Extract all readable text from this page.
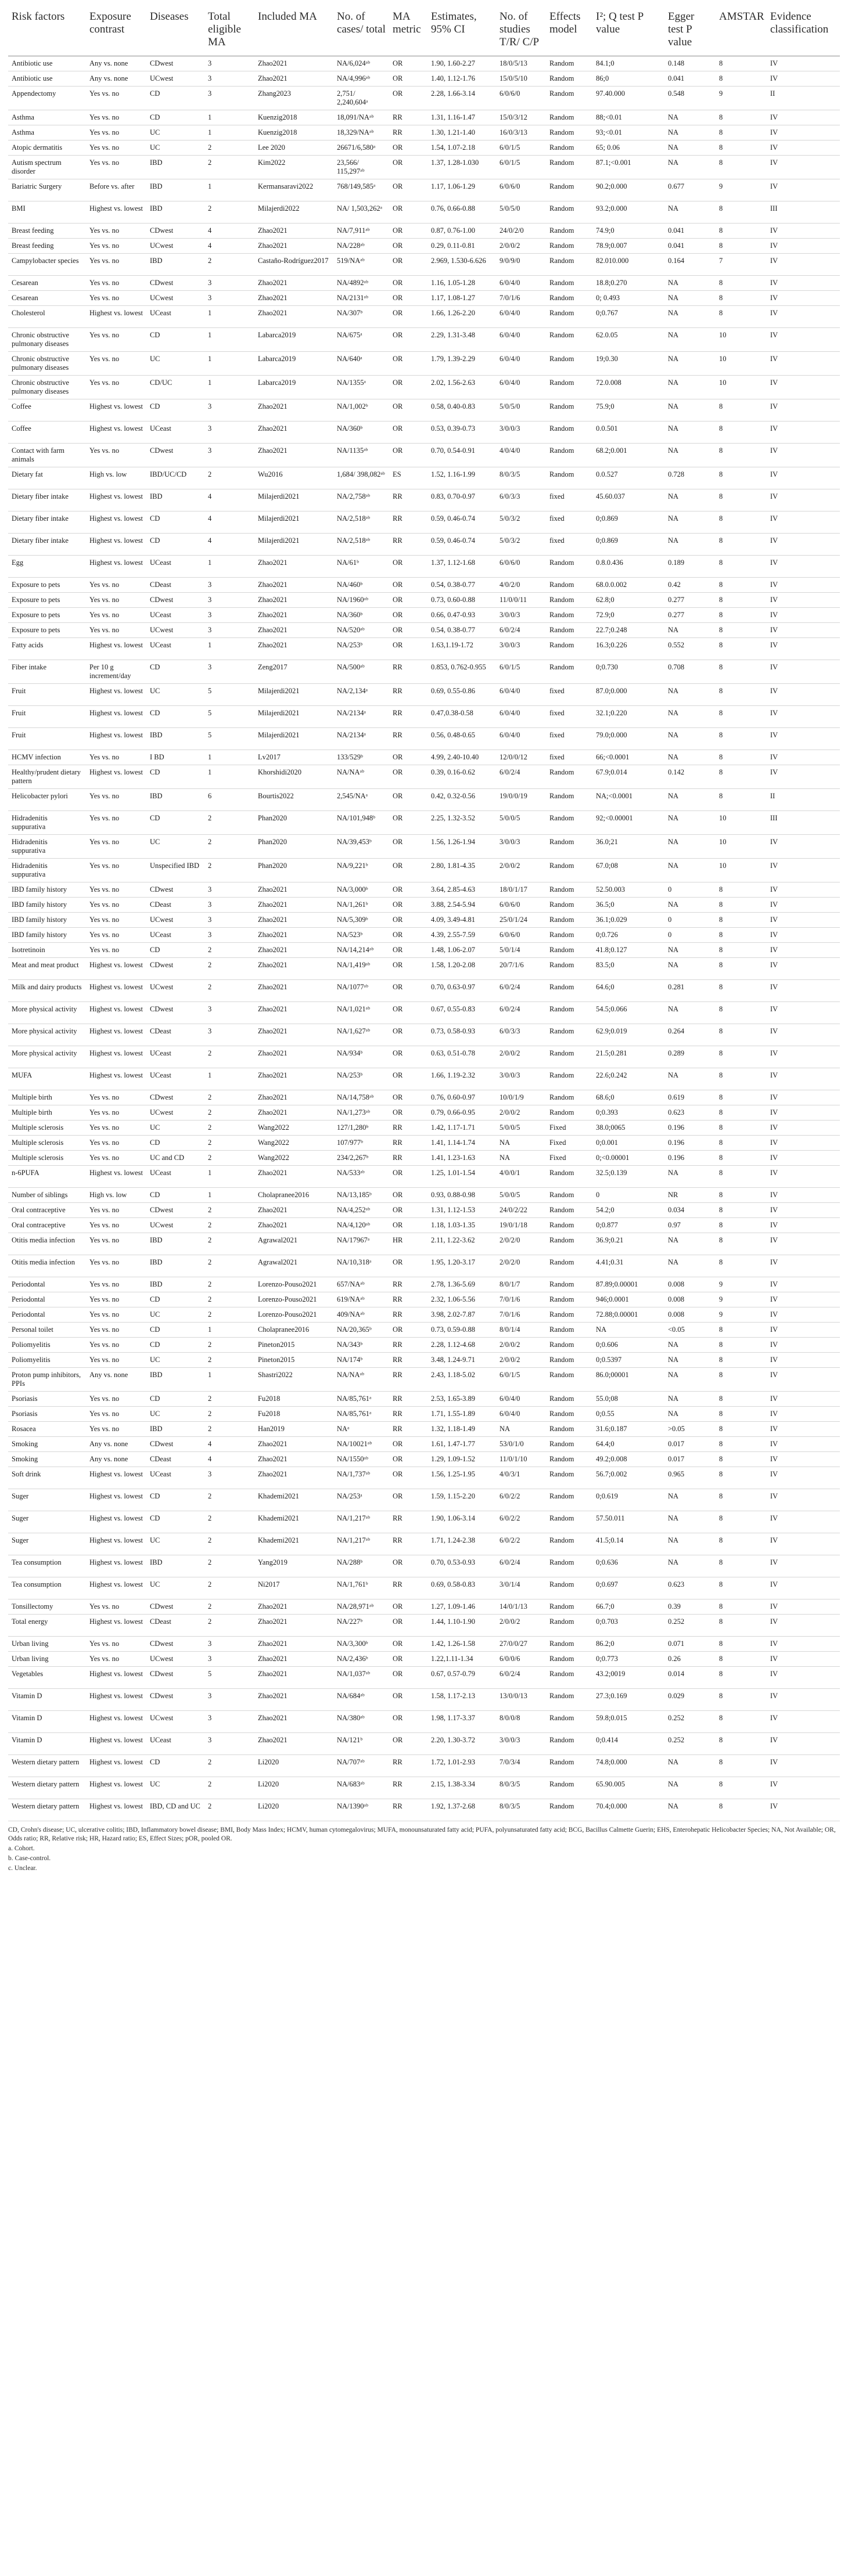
Risk factors	Exposure contrast	Diseases	Total eligible MA	Included MA	No. of cases/ total	MA metric	Estimates, 95% CI	No. of studies T/R/ C/P	Effects model	I²; Q test P value	Egger test P value	AMSTAR	Evidence classification
Antibiotic use	Any vs. none	CDwest	3	Zhao2021	NA/6,024ᵃᵇ	OR	1.90, 1.60-2.27	18/0/5/13	Random	84.1;0	0.148	8	IV
Antibiotic use	Any vs. none	UCwest	3	Zhao2021	NA/4,996ᵃᵇ	OR	1.40, 1.12-1.76	15/0/5/10	Random	86;0	0.041	8	IV
Appendectomy	Yes vs. no	CD	3	Zhang2023	2,751/ 2,240,604ᵃ	OR	2.28, 1.66-3.14	6/0/6/0	Random	97.40.000	0.548	9	II
Asthma	Yes vs. no	CD	1	Kuenzig2018	18,091/NAᵃᵇ	RR	1.31, 1.16-1.47	15/0/3/12	Random	88;<0.01	NA	8	IV
Asthma	Yes vs. no	UC	1	Kuenzig2018	18,329/NAᵃᵇ	RR	1.30, 1.21-1.40	16/0/3/13	Random	93;<0.01	NA	8	IV
Atopic dermatitis	Yes vs. no	UC	2	Lee 2020	26671/6,580ᵃ	OR	1.54, 1.07-2.18	6/0/1/5	Random	65; 0.06	NA	8	IV
Autism spectrum disorder	Yes vs. no	IBD	2	Kim2022	23,566/ 115,297ᵃᵇ	OR	1.37, 1.28-1.030	6/0/1/5	Random	87.1;<0.001	NA	8	IV
Bariatric Surgery	Before vs. after	IBD	1	Kermansaravi2022	768/149,585ᵃ	OR	1.17, 1.06-1.29	6/0/6/0	Random	90.2;0.000	0.677	9	IV
BMI	Highest vs. lowest	IBD	2	Milajerdi2022	NA/ 1,503,262ᵃ	OR	0.76, 0.66-0.88	5/0/5/0	Random	93.2;0.000	NA	8	III
Breast feeding	Yes vs. no	CDwest	4	Zhao2021	NA/7,911ᵃᵇ	OR	0.87, 0.76-1.00	24/0/2/0	Random	74.9;0	0.041	8	IV
Breast feeding	Yes vs. no	UCwest	4	Zhao2021	NA/228ᵃᵇ	OR	0.29, 0.11-0.81	2/0/0/2	Random	78.9;0.007	0.041	8	IV
Campylobacter species	Yes vs. no	IBD	2	Castaño-Rodríguez2017	519/NAᵃᵇ	OR	2.969, 1.530-6.626	9/0/9/0	Random	82.010.000	0.164	7	IV
Cesarean	Yes vs. no	CDwest	3	Zhao2021	NA/4892ᵃᵇ	OR	1.16, 1.05-1.28	6/0/4/0	Random	18.8;0.270	NA	8	IV
Cesarean	Yes vs. no	UCwest	3	Zhao2021	NA/2131ᵃᵇ	OR	1.17, 1.08-1.27	7/0/1/6	Random	0; 0.493	NA	8	IV
Cholesterol	Highest vs. lowest	UCeast	1	Zhao2021	NA/307ᵇ	OR	1.66, 1.26-2.20	6/0/4/0	Random	0;0.767	NA	8	IV
Chronic obstructive pulmonary diseases	Yes vs. no	CD	1	Labarca2019	NA/675ᵃ	OR	2.29, 1.31-3.48	6/0/4/0	Random	62.0.05	NA	10	IV
Chronic obstructive pulmonary diseases	Yes vs. no	UC	1	Labarca2019	NA/640ᵃ	OR	1.79, 1.39-2.29	6/0/4/0	Random	19;0.30	NA	10	IV
Chronic obstructive pulmonary diseases	Yes vs. no	CD/UC	1	Labarca2019	NA/1355ᵃ	OR	2.02, 1.56-2.63	6/0/4/0	Random	72.0.008	NA	10	IV
Coffee	Highest vs. lowest	CD	3	Zhao2021	NA/1,002ᵇ	OR	0.58, 0.40-0.83	5/0/5/0	Random	75.9;0	NA	8	IV
Coffee	Highest vs. lowest	UCeast	3	Zhao2021	NA/360ᵇ	OR	0.53, 0.39-0.73	3/0/0/3	Random	0.0.501	NA	8	IV
Contact with farm animals	Yes vs. no	CDwest	3	Zhao2021	NA/1135ᵃᵇ	OR	0.70, 0.54-0.91	4/0/4/0	Random	68.2;0.001	NA	8	IV
Dietary fat	High vs. low	IBD/UC/CD	2	Wu2016	1,684/ 398,082ᵃᵇ	ES	1.52, 1.16-1.99	8/0/3/5	Random	0.0.527	0.728	8	IV
Dietary fiber intake	Highest vs. lowest	IBD	4	Milajerdi2021	NA/2,758ᵃᵇ	RR	0.83, 0.70-0.97	6/0/3/3	fixed	45.60.037	NA	8	IV
Dietary fiber intake	Highest vs. lowest	CD	4	Milajerdi2021	NA/2,518ᵃᵇ	RR	0.59, 0.46-0.74	5/0/3/2	fixed	0;0.869	NA	8	IV
Dietary fiber intake	Highest vs. lowest	CD	4	Milajerdi2021	NA/2,518ᵃᵇ	RR	0.59, 0.46-0.74	5/0/3/2	fixed	0;0.869	NA	8	IV
Egg	Highest vs. lowest	UCeast	1	Zhao2021	NA/61ᵇ	OR	1.37, 1.12-1.68	6/0/6/0	Random	0.8.0.436	0.189	8	IV
Exposure to pets	Yes vs. no	CDeast	3	Zhao2021	NA/460ᵇ	OR	0.54, 0.38-0.77	4/0/2/0	Random	68.0.0.002	0.42	8	IV
Exposure to pets	Yes vs. no	CDwest	3	Zhao2021	NA/1960ᵃᵇ	OR	0.73, 0.60-0.88	11/0/0/11	Random	62.8;0	0.277	8	IV
Exposure to pets	Yes vs. no	UCeast	3	Zhao2021	NA/360ᵇ	OR	0.66, 0.47-0.93	3/0/0/3	Random	72.9;0	0.277	8	IV
Exposure to pets	Yes vs. no	UCwest	3	Zhao2021	NA/520ᵃᵇ	OR	0.54, 0.38-0.77	6/0/2/4	Random	22.7;0.248	NA	8	IV
Fatty acids	Highest vs. lowest	UCeast	1	Zhao2021	NA/253ᵇ	OR	1.63,1.19-1.72	3/0/0/3	Random	16.3;0.226	0.552	8	IV
Fiber intake	Per 10 g increment/day	CD	3	Zeng2017	NA/500ᵃᵇ	RR	0.853, 0.762-0.955	6/0/1/5	Random	0;0.730	0.708	8	IV
Fruit	Highest vs. lowest	UC	5	Milajerdi2021	NA/2,134ᵃ	RR	0.69, 0.55-0.86	6/0/4/0	fixed	87.0;0.000	NA	8	IV
Fruit	Highest vs. lowest	CD	5	Milajerdi2021	NA/2134ᵃ	RR	0.47,0.38-0.58	6/0/4/0	fixed	32.1;0.220	NA	8	IV
Fruit	Highest vs. lowest	IBD	5	Milajerdi2021	NA/2134ᵃ	RR	0.56, 0.48-0.65	6/0/4/0	fixed	79.0;0.000	NA	8	IV
HCMV infection	Yes vs. no	I BD	1	Lv2017	133/529ᵇ	OR	4.99, 2.40-10.40	12/0/0/12	fixed	66;<0.0001	NA	8	IV
Healthy/prudent dietary pattern	Highest vs. lowest	CD	1	Khorshidi2020	NA/NAᵃᵇ	OR	0.39, 0.16-0.62	6/0/2/4	Random	67.9;0.014	0.142	8	IV
Helicobacter pylori	Yes vs. no	IBD	6	Bourtis2022	2,545/NAᵃ	OR	0.42, 0.32-0.56	19/0/0/19	Random	NA;<0.0001	NA	8	II
Hidradenitis suppurativa	Yes vs. no	CD	2	Phan2020	NA/101,948ᵇ	OR	2.25, 1.32-3.52	5/0/0/5	Random	92;<0.00001	NA	10	III
Hidradenitis suppurativa	Yes vs. no	UC	2	Phan2020	NA/39,453ᵇ	OR	1.56, 1.26-1.94	3/0/0/3	Random	36.0;21	NA	10	IV
Hidradenitis suppurativa	Yes vs. no	Unspecified IBD	2	Phan2020	NA/9,221ᵇ	OR	2.80, 1.81-4.35	2/0/0/2	Random	67.0;08	NA	10	IV
IBD family history	Yes vs. no	CDwest	3	Zhao2021	NA/3,000ᵇ	OR	3.64, 2.85-4.63	18/0/1/17	Random	52.50.003	0	8	IV
IBD family history	Yes vs. no	CDeast	3	Zhao2021	NA/1,261ᵇ	OR	3.88, 2.54-5.94	6/0/6/0	Random	36.5;0	NA	8	IV
IBD family history	Yes vs. no	UCwest	3	Zhao2021	NA/5,309ᵇ	OR	4.09, 3.49-4.81	25/0/1/24	Random	36.1;0.029	0	8	IV
IBD family history	Yes vs. no	UCeast	3	Zhao2021	NA/523ᵇ	OR	4.39, 2.55-7.59	6/0/6/0	Random	0;0.726	0	8	IV
Isotretinoin	Yes vs. no	CD	2	Zhao2021	NA/14,214ᵃᵇ	OR	1.48, 1.06-2.07	5/0/1/4	Random	41.8;0.127	NA	8	IV
Meat and meat product	Highest vs. lowest	CDwest	2	Zhao2021	NA/1,419ᵃᵇ	OR	1.58, 1.20-2.08	20/7/1/6	Random	83.5;0	NA	8	IV
Milk and dairy products	Highest vs. lowest	UCwest	2	Zhao2021	NA/1077ᵃᵇ	OR	0.70, 0.63-0.97	6/0/2/4	Random	64.6;0	0.281	8	IV
More physical activity	Highest vs. lowest	CDwest	3	Zhao2021	NA/1,021ᵃᵇ	OR	0.67, 0.55-0.83	6/0/2/4	Random	54.5;0.066	NA	8	IV
More physical activity	Highest vs. lowest	CDeast	3	Zhao2021	NA/1,627ᵃᵇ	OR	0.73, 0.58-0.93	6/0/3/3	Random	62.9;0.019	0.264	8	IV
More physical activity	Highest vs. lowest	UCeast	2	Zhao2021	NA/934ᵇ	OR	0.63, 0.51-0.78	2/0/0/2	Random	21.5;0.281	0.289	8	IV
MUFA	Highest vs. lowest	UCeast	1	Zhao2021	NA/253ᵇ	OR	1.66, 1.19-2.32	3/0/0/3	Random	22.6;0.242	NA	8	IV
Multiple birth	Yes vs. no	CDwest	2	Zhao2021	NA/14,758ᵃᵇ	OR	0.76, 0.60-0.97	10/0/1/9	Random	68.6;0	0.619	8	IV
Multiple birth	Yes vs. no	UCwest	2	Zhao2021	NA/1,273ᵃᵇ	OR	0.79, 0.66-0.95	2/0/0/2	Random	0;0.393	0.623	8	IV
Multiple sclerosis	Yes vs. no	UC	2	Wang2022	127/1,280ᵇ	RR	1.42, 1.17-1.71	5/0/0/5	Fixed	38.0;0065	0.196	8	IV
Multiple sclerosis	Yes vs. no	CD	2	Wang2022	107/977ᵇ	RR	1.41, 1.14-1.74	NA	Fixed	0;0.001	0.196	8	IV
Multiple sclerosis	Yes vs. no	UC and CD	2	Wang2022	234/2,267ᵇ	RR	1.41, 1.23-1.63	NA	Fixed	0;<0.00001	0.196	8	IV
n-6PUFA	Highest vs. lowest	UCeast	1	Zhao2021	NA/533ᵃᵇ	OR	1.25, 1.01-1.54	4/0/0/1	Random	32.5;0.139	NA	8	IV
Number of siblings	High vs. low	CD	1	Cholapranee2016	NA/13,185ᵇ	OR	0.93, 0.88-0.98	5/0/0/5	Random	0	NR	8	IV
Oral contraceptive	Yes vs. no	CDwest	2	Zhao2021	NA/4,252ᵃᵇ	OR	1.31, 1.12-1.53	24/0/2/22	Random	54.2;0	0.034	8	IV
Oral contraceptive	Yes vs. no	UCwest	2	Zhao2021	NA/4,120ᵃᵇ	OR	1.18, 1.03-1.35	19/0/1/18	Random	0;0.877	0.97	8	IV
Otitis media infection	Yes vs. no	IBD	2	Agrawal2021	NA/17967ᵃ	HR	2.11, 1.22-3.62	2/0/2/0	Random	36.9;0.21	NA	8	IV
Otitis media infection	Yes vs. no	IBD	2	Agrawal2021	NA/10,318ᵃ	OR	1.95, 1.20-3.17	2/0/2/0	Random	4.41;0.31	NA	8	IV
Periodontal	Yes vs. no	IBD	2	Lorenzo-Pouso2021	657/NAᵃᵇ	RR	2.78, 1.36-5.69	8/0/1/7	Random	87.89;0.00001	0.008	9	IV
Periodontal	Yes vs. no	CD	2	Lorenzo-Pouso2021	619/NAᵃᵇ	RR	2.32, 1.06-5.56	7/0/1/6	Random	946;0.0001	0.008	9	IV
Periodontal	Yes vs. no	UC	2	Lorenzo-Pouso2021	409/NAᵃᵇ	RR	3.98, 2.02-7.87	7/0/1/6	Random	72.88;0.00001	0.008	9	IV
Personal toilet	Yes vs. no	CD	1	Cholapranee2016	NA/20,365ᵇ	OR	0.73, 0.59-0.88	8/0/1/4	Random	NA	<0.05	8	IV
Poliomyelitis	Yes vs. no	CD	2	Pineton2015	NA/343ᵇ	RR	2.28, 1.12-4.68	2/0/0/2	Random	0;0.606	NA	8	IV
Poliomyelitis	Yes vs. no	UC	2	Pineton2015	NA/174ᵇ	RR	3.48, 1.24-9.71	2/0/0/2	Random	0;0.5397	NA	8	IV
Proton pump inhibitors, PPIs	Any vs. none	IBD	1	Shastri2022	NA/NAᵃᵇ	RR	2.43, 1.18-5.02	6/0/1/5	Random	86.0;00001	NA	8	IV
Psoriasis	Yes vs. no	CD	2	Fu2018	NA/85,761ᵃ	RR	2.53, 1.65-3.89	6/0/4/0	Random	55.0;08	NA	8	IV
Psoriasis	Yes vs. no	UC	2	Fu2018	NA/85,761ᵃ	RR	1.71, 1.55-1.89	6/0/4/0	Random	0;0.55	NA	8	IV
Rosacea	Yes vs. no	IBD	2	Han2019	NAᵃ	RR	1.32, 1.18-1.49	NA	Random	31.6;0.187	>0.05	8	IV
Smoking	Any vs. none	CDwest	4	Zhao2021	NA/10021ᵃᵇ	OR	1.61, 1.47-1.77	53/0/1/0	Random	64.4;0	0.017	8	IV
Smoking	Any vs. none	CDeast	4	Zhao2021	NA/1550ᵃᵇ	OR	1.29, 1.09-1.52	11/0/1/10	Random	49.2;0.008	0.017	8	IV
Soft drink	Highest vs. lowest	UCeast	3	Zhao2021	NA/1,737ᵃᵇ	OR	1.56, 1.25-1.95	4/0/3/1	Random	56.7;0.002	0.965	8	IV
Suger	Highest vs. lowest	CD	2	Khademi2021	NA/253ᵃ	OR	1.59, 1.15-2.20	6/0/2/2	Random	0;0.619	NA	8	IV
Suger	Highest vs. lowest	CD	2	Khademi2021	NA/1,217ᵃᵇ	RR	1.90, 1.06-3.14	6/0/2/2	Random	57.50.011	NA	8	IV
Suger	Highest vs. lowest	UC	2	Khademi2021	NA/1,217ᵃᵇ	RR	1.71, 1.24-2.38	6/0/2/2	Random	41.5;0.14	NA	8	IV
Tea consumption	Highest vs. lowest	IBD	2	Yang2019	NA/288ᵇ	OR	0.70, 0.53-0.93	6/0/2/4	Random	0;0.636	NA	8	IV
Tea consumption	Highest vs. lowest	UC	2	Ni2017	NA/1,761ᵇ	RR	0.69, 0.58-0.83	3/0/1/4	Random	0;0.697	0.623	8	IV
Tonsillectomy	Yes vs. no	CDwest	2	Zhao2021	NA/28,971ᵃᵇ	OR	1.27, 1.09-1.46	14/0/1/13	Random	66.7;0	0.39	8	IV
Total energy	Highest vs. lowest	CDeast	2	Zhao2021	NA/227ᵇ	OR	1.44, 1.10-1.90	2/0/0/2	Random	0;0.703	0.252	8	IV
Urban living	Yes vs. no	CDwest	3	Zhao2021	NA/3,300ᵇ	OR	1.42, 1.26-1.58	27/0/0/27	Random	86.2;0	0.071	8	IV
Urban living	Yes vs. no	UCwest	3	Zhao2021	NA/2,436ᵇ	OR	1.22,1.11-1.34	6/0/0/6	Random	0;0.773	0.26	8	IV
Vegetables	Highest vs. lowest	CDwest	5	Zhao2021	NA/1,037ᵃᵇ	OR	0.67, 0.57-0.79	6/0/2/4	Random	43.2;0019	0.014	8	IV
Vitamin D	Highest vs. lowest	CDwest	3	Zhao2021	NA/684ᵃᵇ	OR	1.58, 1.17-2.13	13/0/0/13	Random	27.3;0.169	0.029	8	IV
Vitamin D	Highest vs. lowest	UCwest	3	Zhao2021	NA/380ᵃᵇ	OR	1.98, 1.17-3.37	8/0/0/8	Random	59.8;0.015	0.252	8	IV
Vitamin D	Highest vs. lowest	UCeast	3	Zhao2021	NA/121ᵇ	OR	2.20, 1.30-3.72	3/0/0/3	Random	0;0.414	0.252	8	IV
Western dietary pattern	Highest vs. lowest	CD	2	Li2020	NA/707ᵃᵇ	RR	1.72, 1.01-2.93	7/0/3/4	Random	74.8;0.000	NA	8	IV
Western dietary pattern	Highest vs. lowest	UC	2	Li2020	NA/683ᵃᵇ	RR	2.15, 1.38-3.34	8/0/3/5	Random	65.90.005	NA	8	IV
Western dietary pattern	Highest vs. lowest	IBD, CD and UC	2	Li2020	NA/1390ᵃᵇ	RR	1.92, 1.37-2.68	8/0/3/5	Random	70.4;0.000	NA	8	IV
CD, Crohn's disease; UC, ulcerative colitis; IBD, Inflammatory bowel disease; BMI, Body Mass Index; HCMV, human cytomegalovirus; MUFA, monounsaturated fatty acid; PUFA, polyunsaturated fatty acid; BCG, Bacillus Calmette Guerin; EHS, Enterohepatic Helicobacter Species; NA, Not Available; OR, Odds ratio; RR, Relative risk; HR, Hazard ratio; ES, Effect Sizes; pOR, pooled OR.
a. Cohort.
b. Case-control.
c. Unclear.
